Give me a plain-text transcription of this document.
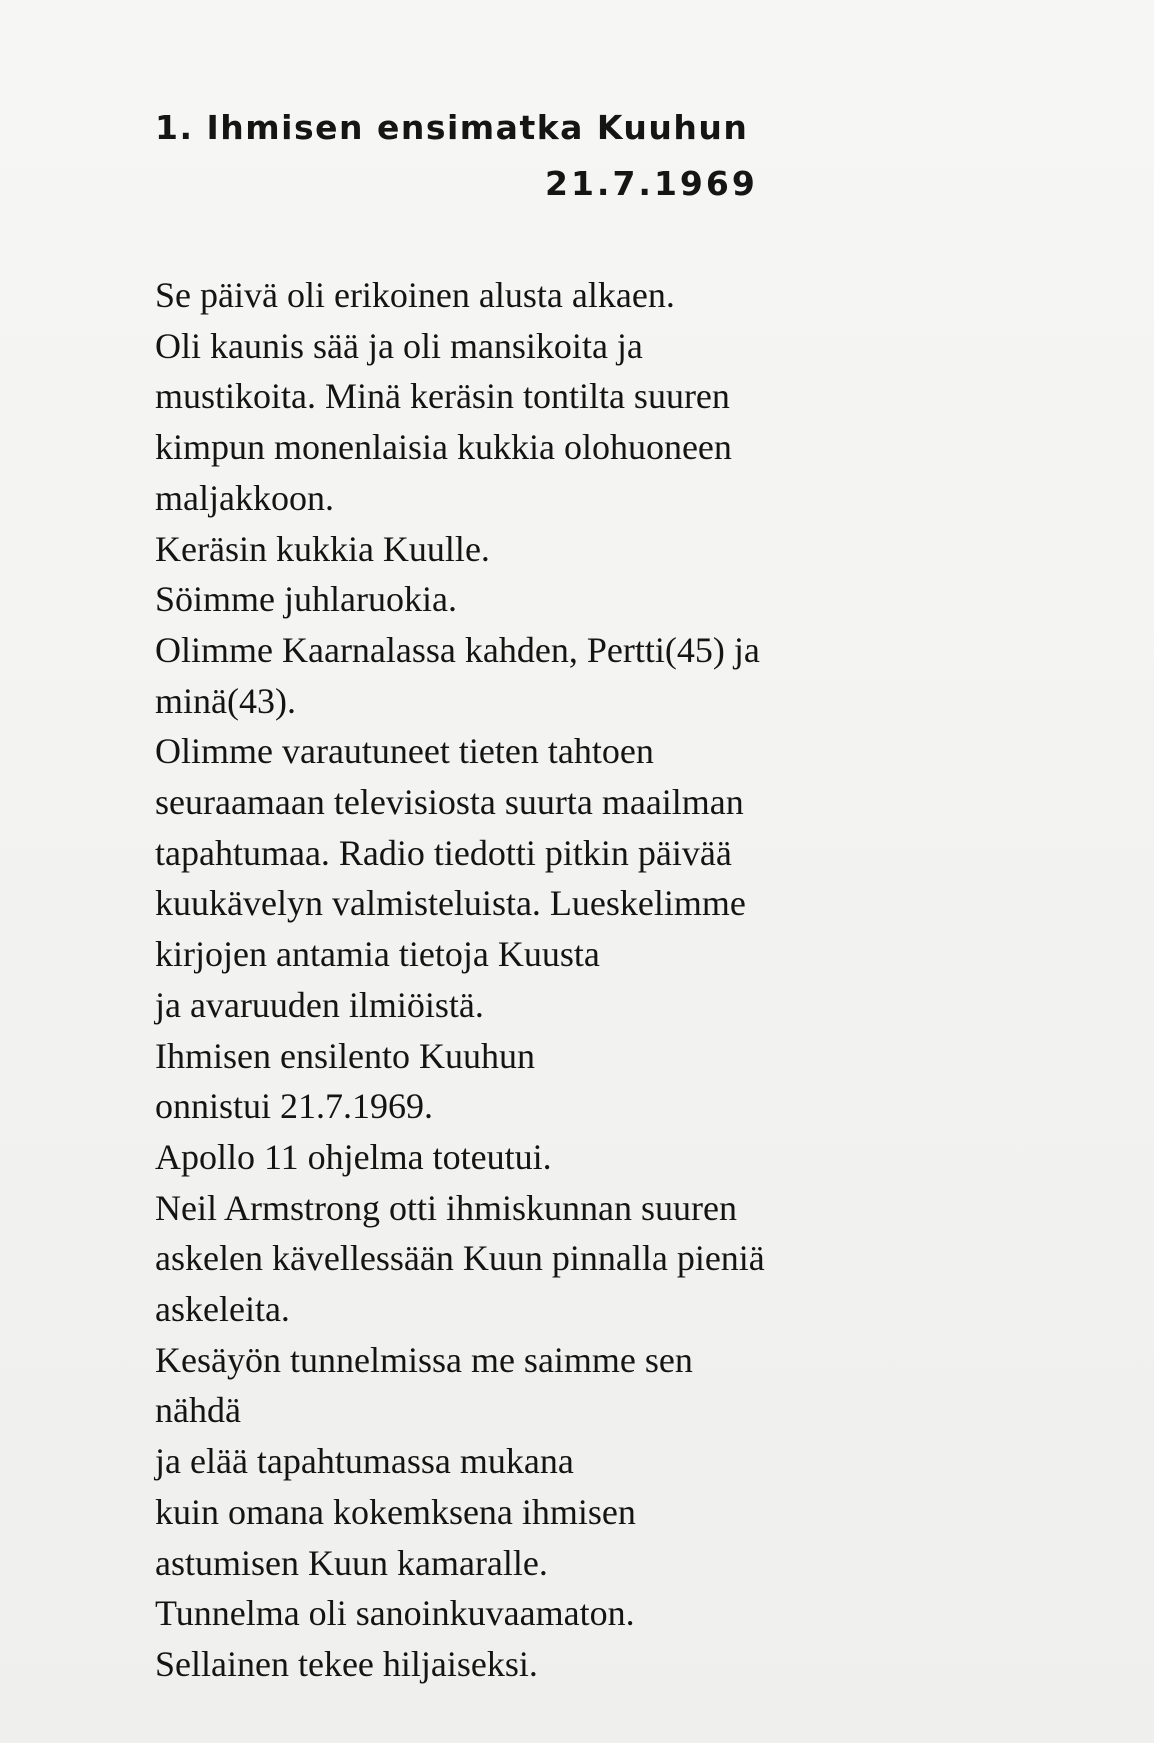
1. Ihmisen ensimatka Kuuhun
21.7.1969

Se päivä oli erikoinen alusta alkaen.

Oli kaunis sää ja oli mansikoita ja

mustikoita. Minä keräsin tontilta suuren

kimpun monenlaisia kukkia olohuoneen

maljakkoon.

Keräsin kukkia Kuulle.

Söimme juhlaruokia.

Olimme Kaarnalassa kahden, Pertti(45) ja

minä(43).

Olimme varautuneet tieten tahtoen

seuraamaan televisiosta suurta maailman

tapahtumaa. Radio tiedotti pitkin päivää

kuukävelyn valmisteluista. Lueskelimme

kirjojen antamia tietoja Kuusta

ja avaruuden ilmiöistä.

Ihmisen ensilento Kuuhun

onnistui 21.7.1969.

Apollo 11 ohjelma toteutui.

Neil Armstrong otti ihmiskunnan suuren

askelen kävellessään Kuun pinnalla pieniä

askeleita.

Kesäyön tunnelmissa me saimme sen

nähdä

ja elää tapahtumassa mukana

kuin omana kokemksena ihmisen

astumisen Kuun kamaralle.

Tunnelma oli sanoinkuvaamaton.

Sellainen tekee hiljaiseksi.
